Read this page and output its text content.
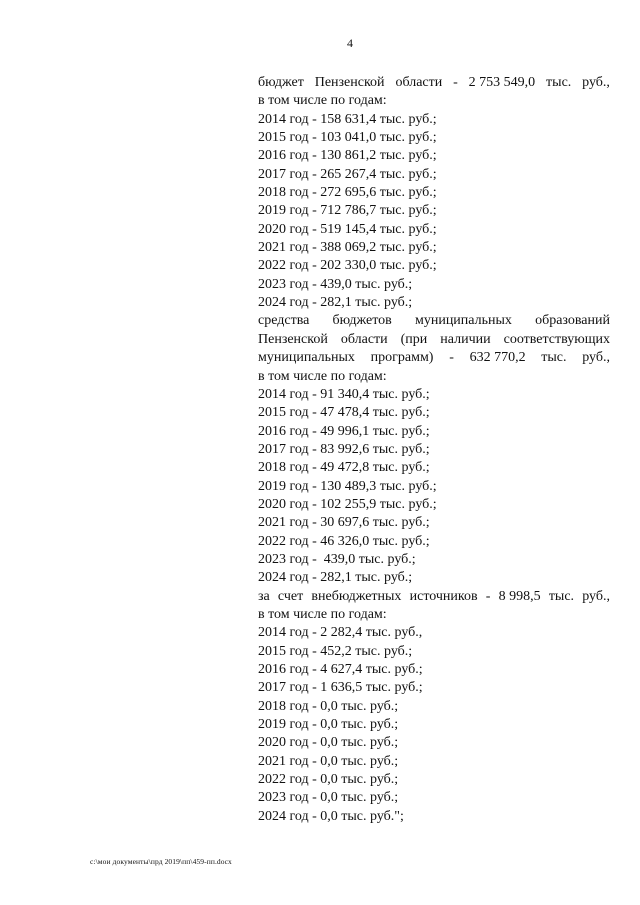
4
бюджет Пензенской области - 2 753 549,0 тыс. руб.,
в том числе по годам:
2014 год - 158 631,4 тыс. руб.;
2015 год - 103 041,0 тыс. руб.;
2016 год - 130 861,2 тыс. руб.;
2017 год - 265 267,4 тыс. руб.;
2018 год - 272 695,6 тыс. руб.;
2019 год - 712 786,7 тыс. руб.;
2020 год - 519 145,4 тыс. руб.;
2021 год - 388 069,2 тыс. руб.;
2022 год - 202 330,0 тыс. руб.;
2023 год - 439,0 тыс. руб.;
2024 год - 282,1 тыс. руб.;
средства бюджетов муниципальных образований
Пензенской области (при наличии соответствующих
муниципальных программ) - 632 770,2 тыс. руб.,
в том числе по годам:
2014 год - 91 340,4 тыс. руб.;
2015 год - 47 478,4 тыс. руб.;
2016 год - 49 996,1 тыс. руб.;
2017 год - 83 992,6 тыс. руб.;
2018 год - 49 472,8 тыс. руб.;
2019 год - 130 489,3 тыс. руб.;
2020 год - 102 255,9 тыс. руб.;
2021 год - 30 697,6 тыс. руб.;
2022 год - 46 326,0 тыс. руб.;
2023 год -  439,0 тыс. руб.;
2024 год - 282,1 тыс. руб.;
за счет внебюджетных источников - 8 998,5 тыс. руб.,
в том числе по годам:
2014 год - 2 282,4 тыс. руб.,
2015 год - 452,2 тыс. руб.;
2016 год - 4 627,4 тыс. руб.;
2017 год - 1 636,5 тыс. руб.;
2018 год - 0,0 тыс. руб.;
2019 год - 0,0 тыс. руб.;
2020 год - 0,0 тыс. руб.;
2021 год - 0,0 тыс. руб.;
2022 год - 0,0 тыс. руб.;
2023 год - 0,0 тыс. руб.;
2024 год - 0,0 тыс. руб.";
c:\мои документы\прд 2019\пп\459-пп.docx
